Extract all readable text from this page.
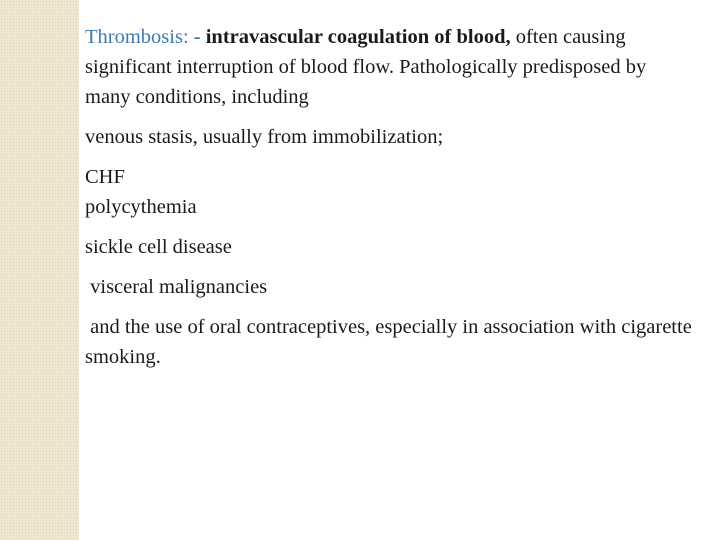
Thrombosis: - intravascular coagulation of blood, often causing significant interruption of blood flow. Pathologically predisposed by many conditions, including

venous stasis, usually from immobilization;

CHF

polycythemia

sickle cell disease

visceral malignancies

and the use of oral contraceptives, especially in association with cigarette smoking.
